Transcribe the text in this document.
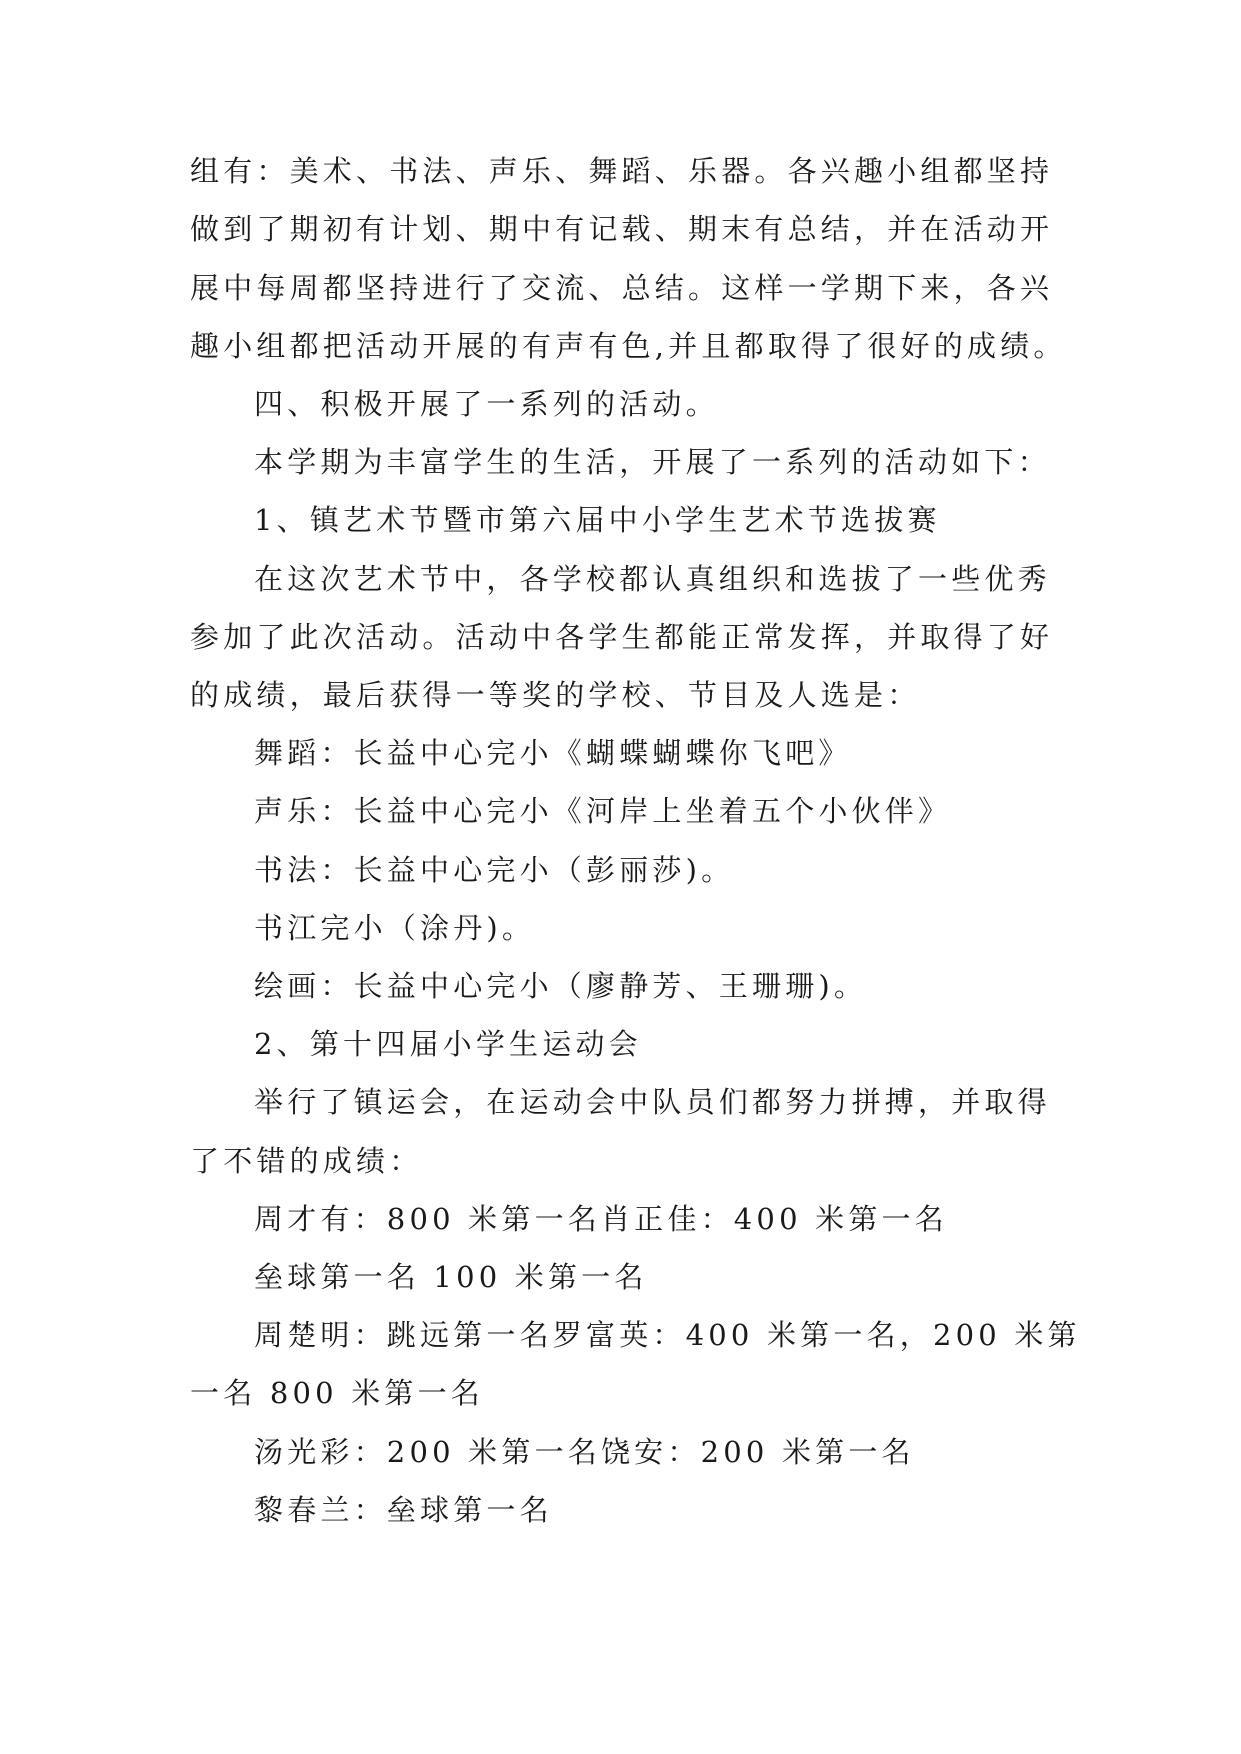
组有：美术、书法、声乐、舞蹈、乐器。各兴趣小组都坚持
做到了期初有计划、期中有记载、期末有总结，并在活动开
展中每周都坚持进行了交流、总结。这样一学期下来，各兴
趣小组都把活动开展的有声有色,并且都取得了很好的成绩。
四、积极开展了一系列的活动。
本学期为丰富学生的生活，开展了一系列的活动如下：
1、镇艺术节暨市第六届中小学生艺术节选拔赛
在这次艺术节中，各学校都认真组织和选拔了一些优秀
参加了此次活动。活动中各学生都能正常发挥，并取得了好
的成绩，最后获得一等奖的学校、节目及人选是：
舞蹈：长益中心完小《蝴蝶蝴蝶你飞吧》
声乐：长益中心完小《河岸上坐着五个小伙伴》
书法：长益中心完小（彭丽莎)。
书江完小（涂丹)。
绘画：长益中心完小（廖静芳、王珊珊)。
2、第十四届小学生运动会
举行了镇运会，在运动会中队员们都努力拼搏，并取得
了不错的成绩：
周才有：800 米第一名肖正佳：400 米第一名
垒球第一名 100 米第一名
周楚明：跳远第一名罗富英：400 米第一名，200 米第
一名 800 米第一名
汤光彩：200 米第一名饶安：200 米第一名
黎春兰：垒球第一名
